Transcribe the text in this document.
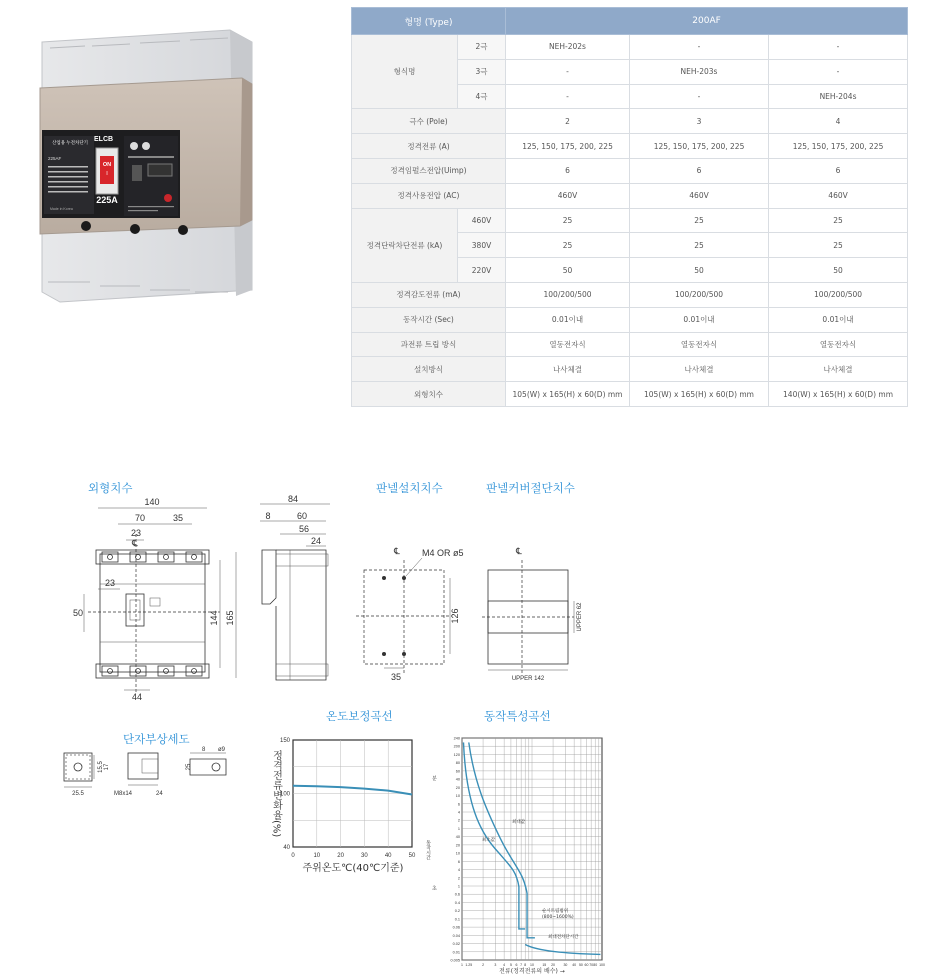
산업용 누전차단기 ELCB
225AF
ON
I
225A
Made in Korea
형명 (Type)		200AF		
형식명	2극	NEH-202s	-	-
	3극	-	NEH-203s	-
	4극	-	-	NEH-204s
극수 (Pole)		2	3	4
정격전류 (A)		125, 150, 175, 200, 225	125, 150, 175, 200, 225	125, 150, 175, 200, 225
정격임펄스전압(Uimp)		6	6	6
정격사용전압 (AC)		460V	460V	460V
정격단락차단전류 (kA)	460V	25	25	25
	380V	25	25	25
	220V	50	50	50
정격감도전류 (mA)		100/200/500	100/200/500	100/200/500
동작시간 (Sec)		0.01이내	0.01이내	0.01이내
과전류 트립 방식		열동전자식	열동전자식	열동전자식
설치방식		나사체결	나사체결	나사체결
외형치수		105(W) x 165(H) x 60(D) mm	105(W) x 165(H) x 60(D) mm	140(W) x 165(H) x 60(D) mm
외형치수	판넬설치치수	판넬커버절단치수
단자부상세도
온도보정곡선	동작특성곡선
140
70	35
23
23
50	144 165
44
℄
84
8	60
56
24
M4 OR ø5
126
35
℄
UPPER 62
UPPER 142
℄
25.5
15.5 17
M8x14	24
8 ø9
25
0	10	20	30	40	50
150
100
40
정격전류변화율(%)
주위온도℃(40℃기준)
240
200
120
80
60
40
20
10
6
4
2
1
40
20
10
6
4
2
1
0.6
0.4
0.2
0.1
0.06
0.04
0.02
0.01
0.005
1 1.25	2	3 4 5 6 7 8 10 15 20 30 40 50 60 70 80 100
분
동작시간
초
최대값
최소값
순시트립범위
(800~1600%)
최대전차단시간
전류(정격전류의 배수) →
